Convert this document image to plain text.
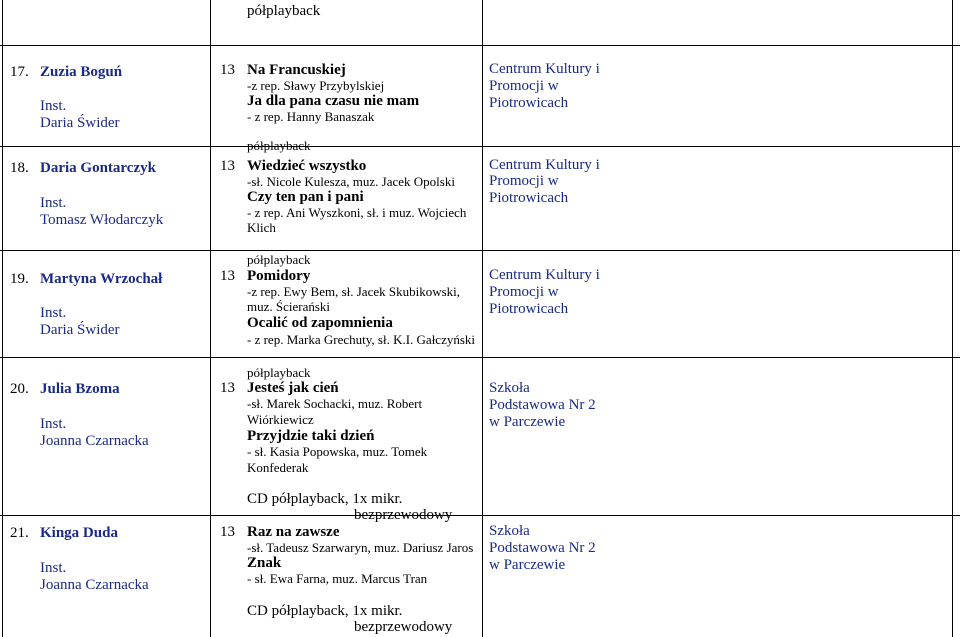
półplayback
17. Zuzia Boguń
Inst.
Daria Świder
13 Na Francuskiej
-z rep. Sławy Przybylskiej
Ja dla pana czasu nie mam
- z rep. Hanny Banaszak
półplayback
Centrum Kultury i
Promocji w
Piotrowicach
18. Daria Gontarczyk
Inst.
Tomasz Włodarczyk
13 Wiedzieć wszystko
-sł. Nicole Kulesza, muz. Jacek Opolski
Czy ten pan i pani
- z rep. Ani Wyszkoni, sł. i muz. Wojciech
Klich
półplayback
Centrum Kultury i
Promocji w
Piotrowicach
19. Martyna Wrzochał
Inst.
Daria Świder
13 Pomidory
-z rep. Ewy Bem, sł. Jacek Skubikowski,
muz. Ścierański
Ocalić od zapomnienia
- z rep. Marka Grechuty, sł. K.I. Gałczyński
półplayback
Centrum Kultury i
Promocji w
Piotrowicach
20. Julia Bzoma
Inst.
Joanna Czarnacka
13 Jesteś jak cień
-sł. Marek Sochacki, muz. Robert
Wiórkiewicz
Przyjdzie taki dzień
- sł. Kasia Popowska, muz. Tomek
Konfederak
CD półplayback, 1x mikr.
bezprzewodowy
Szkoła
Podstawowa Nr 2
w Parczewie
21. Kinga Duda
Inst.
Joanna Czarnacka
13 Raz na zawsze
-sł. Tadeusz Szarwaryn, muz. Dariusz Jaros
Znak
- sł. Ewa Farna, muz. Marcus Tran
CD półplayback, 1x mikr.
bezprzewodowy
Szkoła
Podstawowa Nr 2
w Parczewie
